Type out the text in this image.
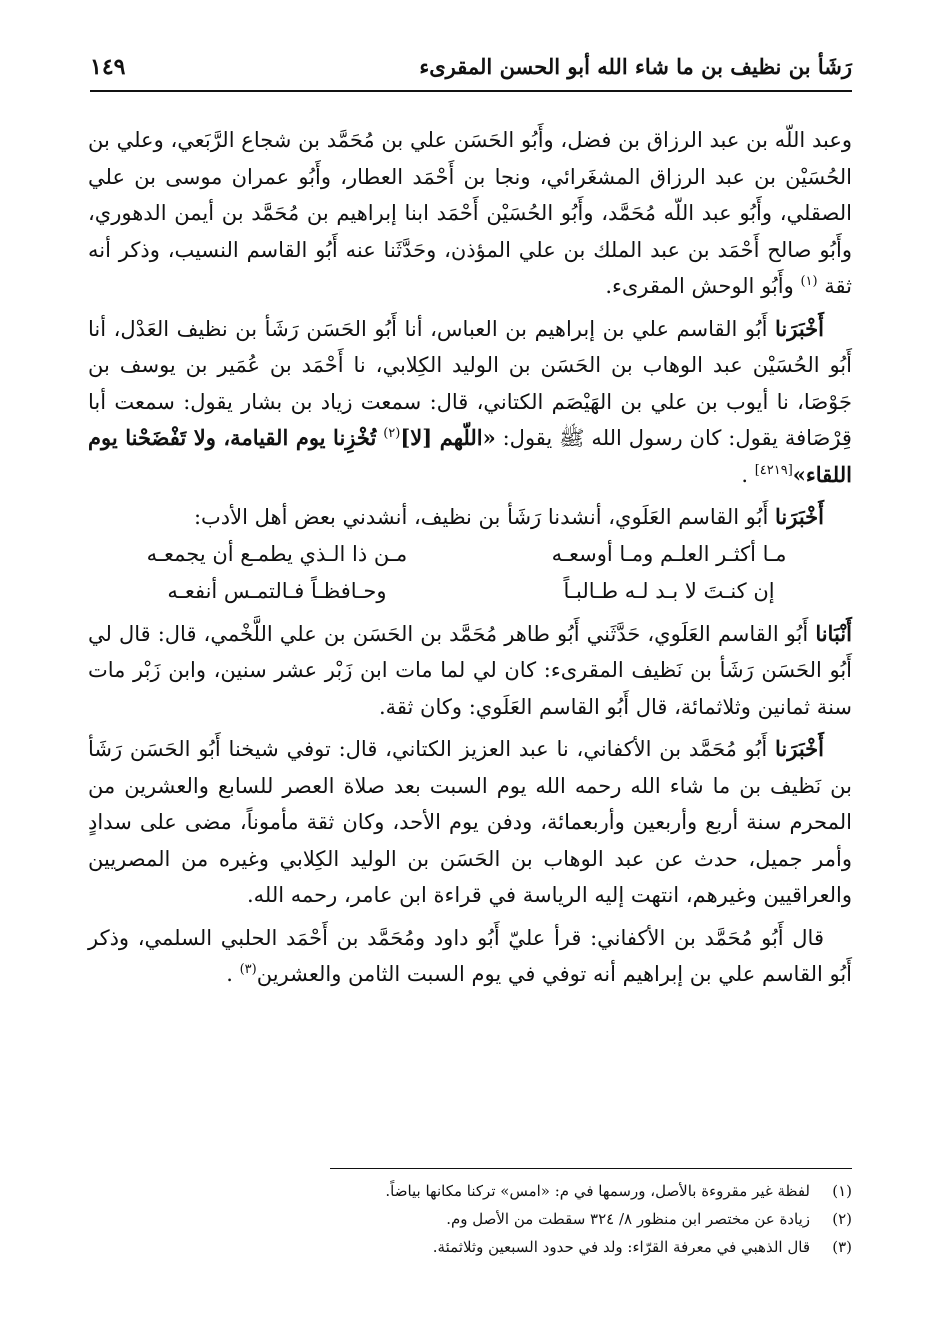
رَشَأ بن نظيف بن ما شاء الله أبو الحسن المقرىء
١٤٩

وعبد اللّه بن عبد الرزاق بن فضل، وأَبُو الحَسَن علي بن مُحَمَّد بن شجاع الرَّبَعي، وعلي بن الحُسَيْن بن عبد الرزاق المشغَرائي، ونجا بن أَحْمَد العطار، وأَبُو عمران موسى بن علي الصقلي، وأَبُو عبد اللّه مُحَمَّد، وأَبُو الحُسَيْن أَحْمَد ابنا إبراهيم بن مُحَمَّد بن أيمن الدهوري، وأَبُو صالح أَحْمَد بن عبد الملك بن علي المؤذن، وحَدَّثَنا عنه أَبُو القاسم النسيب، وذكر أنه ثقة $^{(١)}$ وأَبُو الوحش المقرىء.

أَخْبَرَنا أَبُو القاسم علي بن إبراهيم بن العباس، أنا أَبُو الحَسَن رَشَأ بن نظيف العَدْل، أنا أَبُو الحُسَيْن عبد الوهاب بن الحَسَن بن الوليد الكِلابي، نا أَحْمَد بن عُمَير بن يوسف بن جَوْصَا، نا أيوب بن علي بن الهَيْصَم الكتاني، قال: سمعت زياد بن بشار يقول: سمعت أبا قِرْصَافة يقول: كان رسول الله ﷺ يقول: «اللّهم [لا]$^{(٢)}$ تُخْزِنا يوم القيامة، ولا تَفْضَحْنا يوم اللقاء»[٤٢١٩] .

أَخْبَرَنا أَبُو القاسم العَلَوي، أنشدنا رَشَأ بن نظيف، أنشدني بعض أهل الأدب:

مـا أكثـر العلـم ومـا أوسعـه
مـن ذا الـذي يطمـع أن يجمعـه
إن كنـتَ لا بـد لـه طـالبـاً
وحـافظـاً فـالتمـس أنفعـه

أَنْبَانا أَبُو القاسم العَلَوي، حَدَّثَني أَبُو طاهر مُحَمَّد بن الحَسَن بن علي اللَّخْمي، قال: قال لي أَبُو الحَسَن رَشَأ بن نَظيف المقرىء: كان لي لما مات ابن زَبْر عشر سنين، وابن زَبْر مات سنة ثمانين وثلاثمائة، قال أَبُو القاسم العَلَوي: وكان ثقة.

أَخْبَرَنا أَبُو مُحَمَّد بن الأكفاني، نا عبد العزيز الكتاني، قال: توفي شيخنا أَبُو الحَسَن رَشَأ بن نَظيف بن ما شاء الله رحمه الله يوم السبت بعد صلاة العصر للسابع والعشرين من المحرم سنة أربع وأربعين وأربعمائة، ودفن يوم الأحد، وكان ثقة مأموناً، مضى على سدادٍ وأمر جميل، حدث عن عبد الوهاب بن الحَسَن بن الوليد الكِلابي وغيره من المصريين والعراقيين وغيرهم، انتهت إليه الرياسة في قراءة ابن عامر، رحمه الله.

قال أَبُو مُحَمَّد بن الأكفاني: قرأ عليّ أَبُو داود ومُحَمَّد بن أَحْمَد الحلبي السلمي، وذكر أَبُو القاسم علي بن إبراهيم أنه توفي في يوم السبت الثامن والعشرين$^{(٣)}$ .

(١)
لفظة غير مقروءة بالأصل، ورسمها في م: «امس» تركنا مكانها بياضاً.
(٢)
زيادة عن مختصر ابن منظور ٨/ ٣٢٤ سقطت من الأصل وم.
(٣)
قال الذهبي في معرفة القرّاء: ولد في حدود السبعين وثلاثمئة.
